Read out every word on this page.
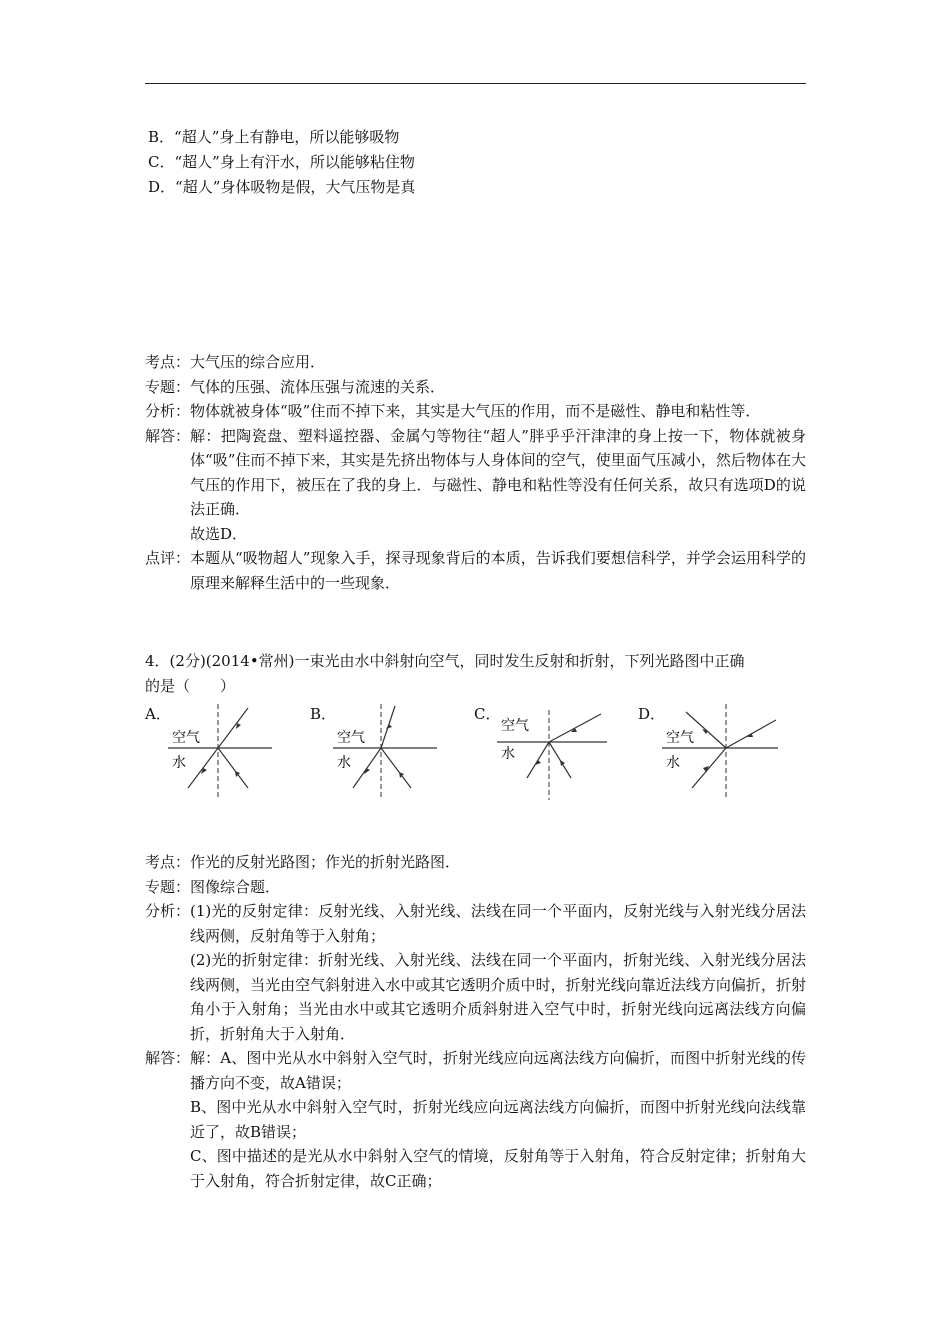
B．“超人”身上有静电，所以能够吸物
C．“超人”身上有汗水，所以能够粘住物
D．“超人”身体吸物是假，大气压物是真
考点： 大气压的综合应用．
专题： 气体的压强、流体压强与流速的关系．
分析： 物体就被身体“吸”住而不掉下来，其实是大气压的作用，而不是磁性、静电和粘性等．
解答： 解：把陶瓷盘、塑料遥控器、金属勺等物往“超人”胖乎乎汗津津的身上按一下，物体就被身体“吸”住而不掉下来，其实是先挤出物体与人身体间的空气，使里面气压减小，然后物体在大气压的作用下，被压在了我的身上．与磁性、静电和粘性等没有任何关系，故只有选项D的说法正确．

故选D．

点评： 本题从“吸物超人”现象入手，探寻现象背后的本质，告诉我们要想信科学，并学会运用科学的原理来解释生活中的一些现象．
4．(2分)(2014•常州)一束光由水中斜射向空气，同时发生反射和折射，下列光路图中正确
的是（　　）
A．	B．	C．	D．
空气
水
空气
水
空气
水
空气
水
考点： 作光的反射光路图；作光的折射光路图．
专题： 图像综合题．
分析： (1)光的反射定律：反射光线、入射光线、法线在同一个平面内，反射光线与入射光线分居法线两侧，反射角等于入射角；

(2)光的折射定律：折射光线、入射光线、法线在同一个平面内，折射光线、入射光线分居法线两侧，当光由空气斜射进入水中或其它透明介质中时，折射光线向靠近法线方向偏折，折射角小于入射角；当光由水中或其它透明介质斜射进入空气中时，折射光线向远离法线方向偏折，折射角大于入射角．

解答： 解：A、图中光从水中斜射入空气时，折射光线应向远离法线方向偏折，而图中折射光线的传播方向不变，故A错误；

B、图中光从水中斜射入空气时，折射光线应向远离法线方向偏折，而图中折射光线向法线靠近了，故B错误；

C、图中描述的是光从水中斜射入空气的情境，反射角等于入射角，符合反射定律；折射角大于入射角，符合折射定律，故C正确；
